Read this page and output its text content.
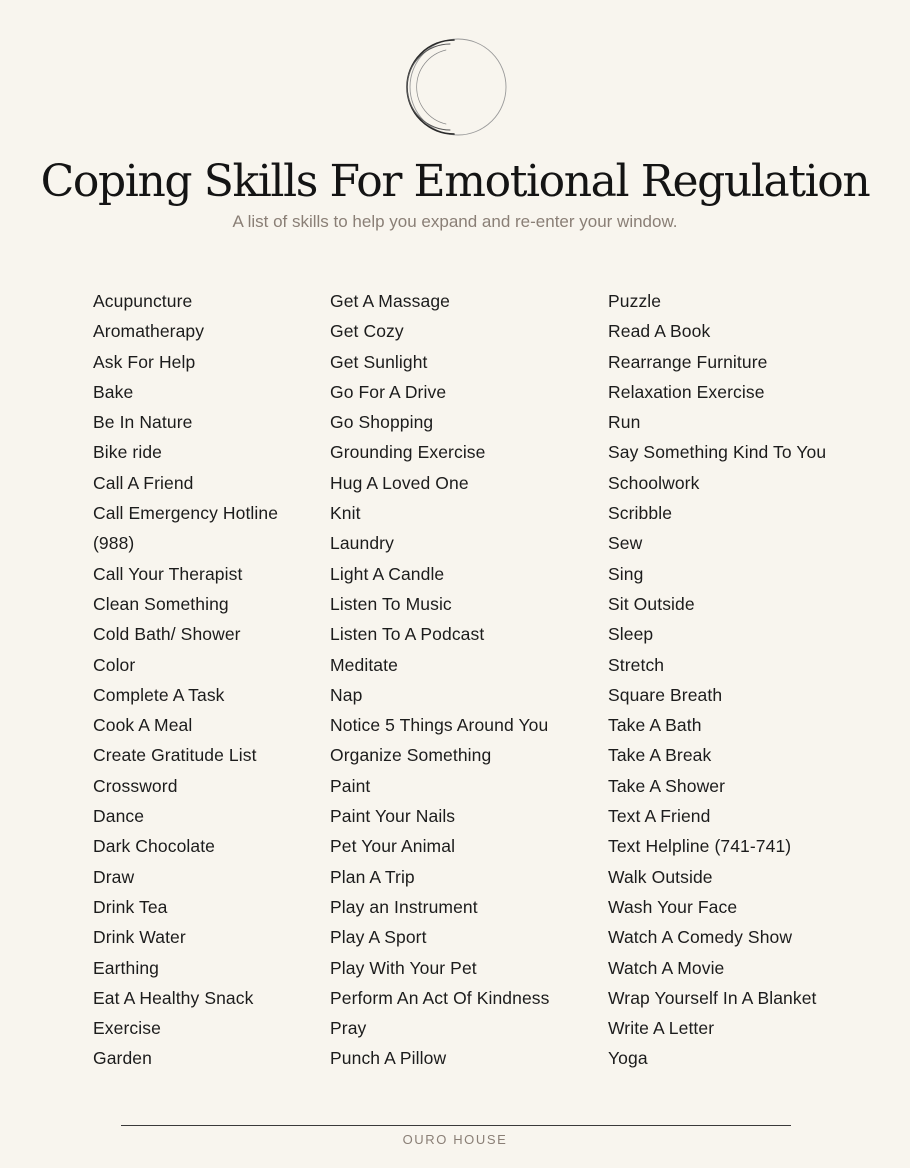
Coping Skills For Emotional Regulation

A list of skills to help you expand and re-enter your window.

Acupuncture
Aromatherapy
Ask For Help
Bake
Be In Nature
Bike ride
Call A Friend
Call Emergency Hotline (988)
Call Your Therapist
Clean Something
Cold Bath/ Shower
Color
Complete A Task
Cook A Meal
Create Gratitude List
Crossword
Dance
Dark Chocolate
Draw
Drink Tea
Drink Water
Earthing
Eat A Healthy Snack
Exercise
Garden
Get A Massage
Get Cozy
Get Sunlight
Go For A Drive
Go Shopping
Grounding Exercise
Hug A Loved One
Knit
Laundry
Light A Candle
Listen To Music
Listen To A Podcast
Meditate
Nap
Notice 5 Things Around You
Organize Something
Paint
Paint Your Nails
Pet Your Animal
Plan A Trip
Play an Instrument
Play A Sport
Play With Your Pet
Perform An Act Of Kindness
Pray
Punch A Pillow
Puzzle
Read A Book
Rearrange Furniture
Relaxation Exercise
Run
Say Something Kind To You
Schoolwork
Scribble
Sew
Sing
Sit Outside
Sleep
Stretch
Square Breath
Take A Bath
Take A Break
Take A Shower
Text A Friend
Text Helpline (741-741)
Walk Outside
Wash Your Face
Watch A Comedy Show
Watch A Movie
Wrap Yourself In A Blanket
Write A Letter
Yoga
OURO HOUSE
